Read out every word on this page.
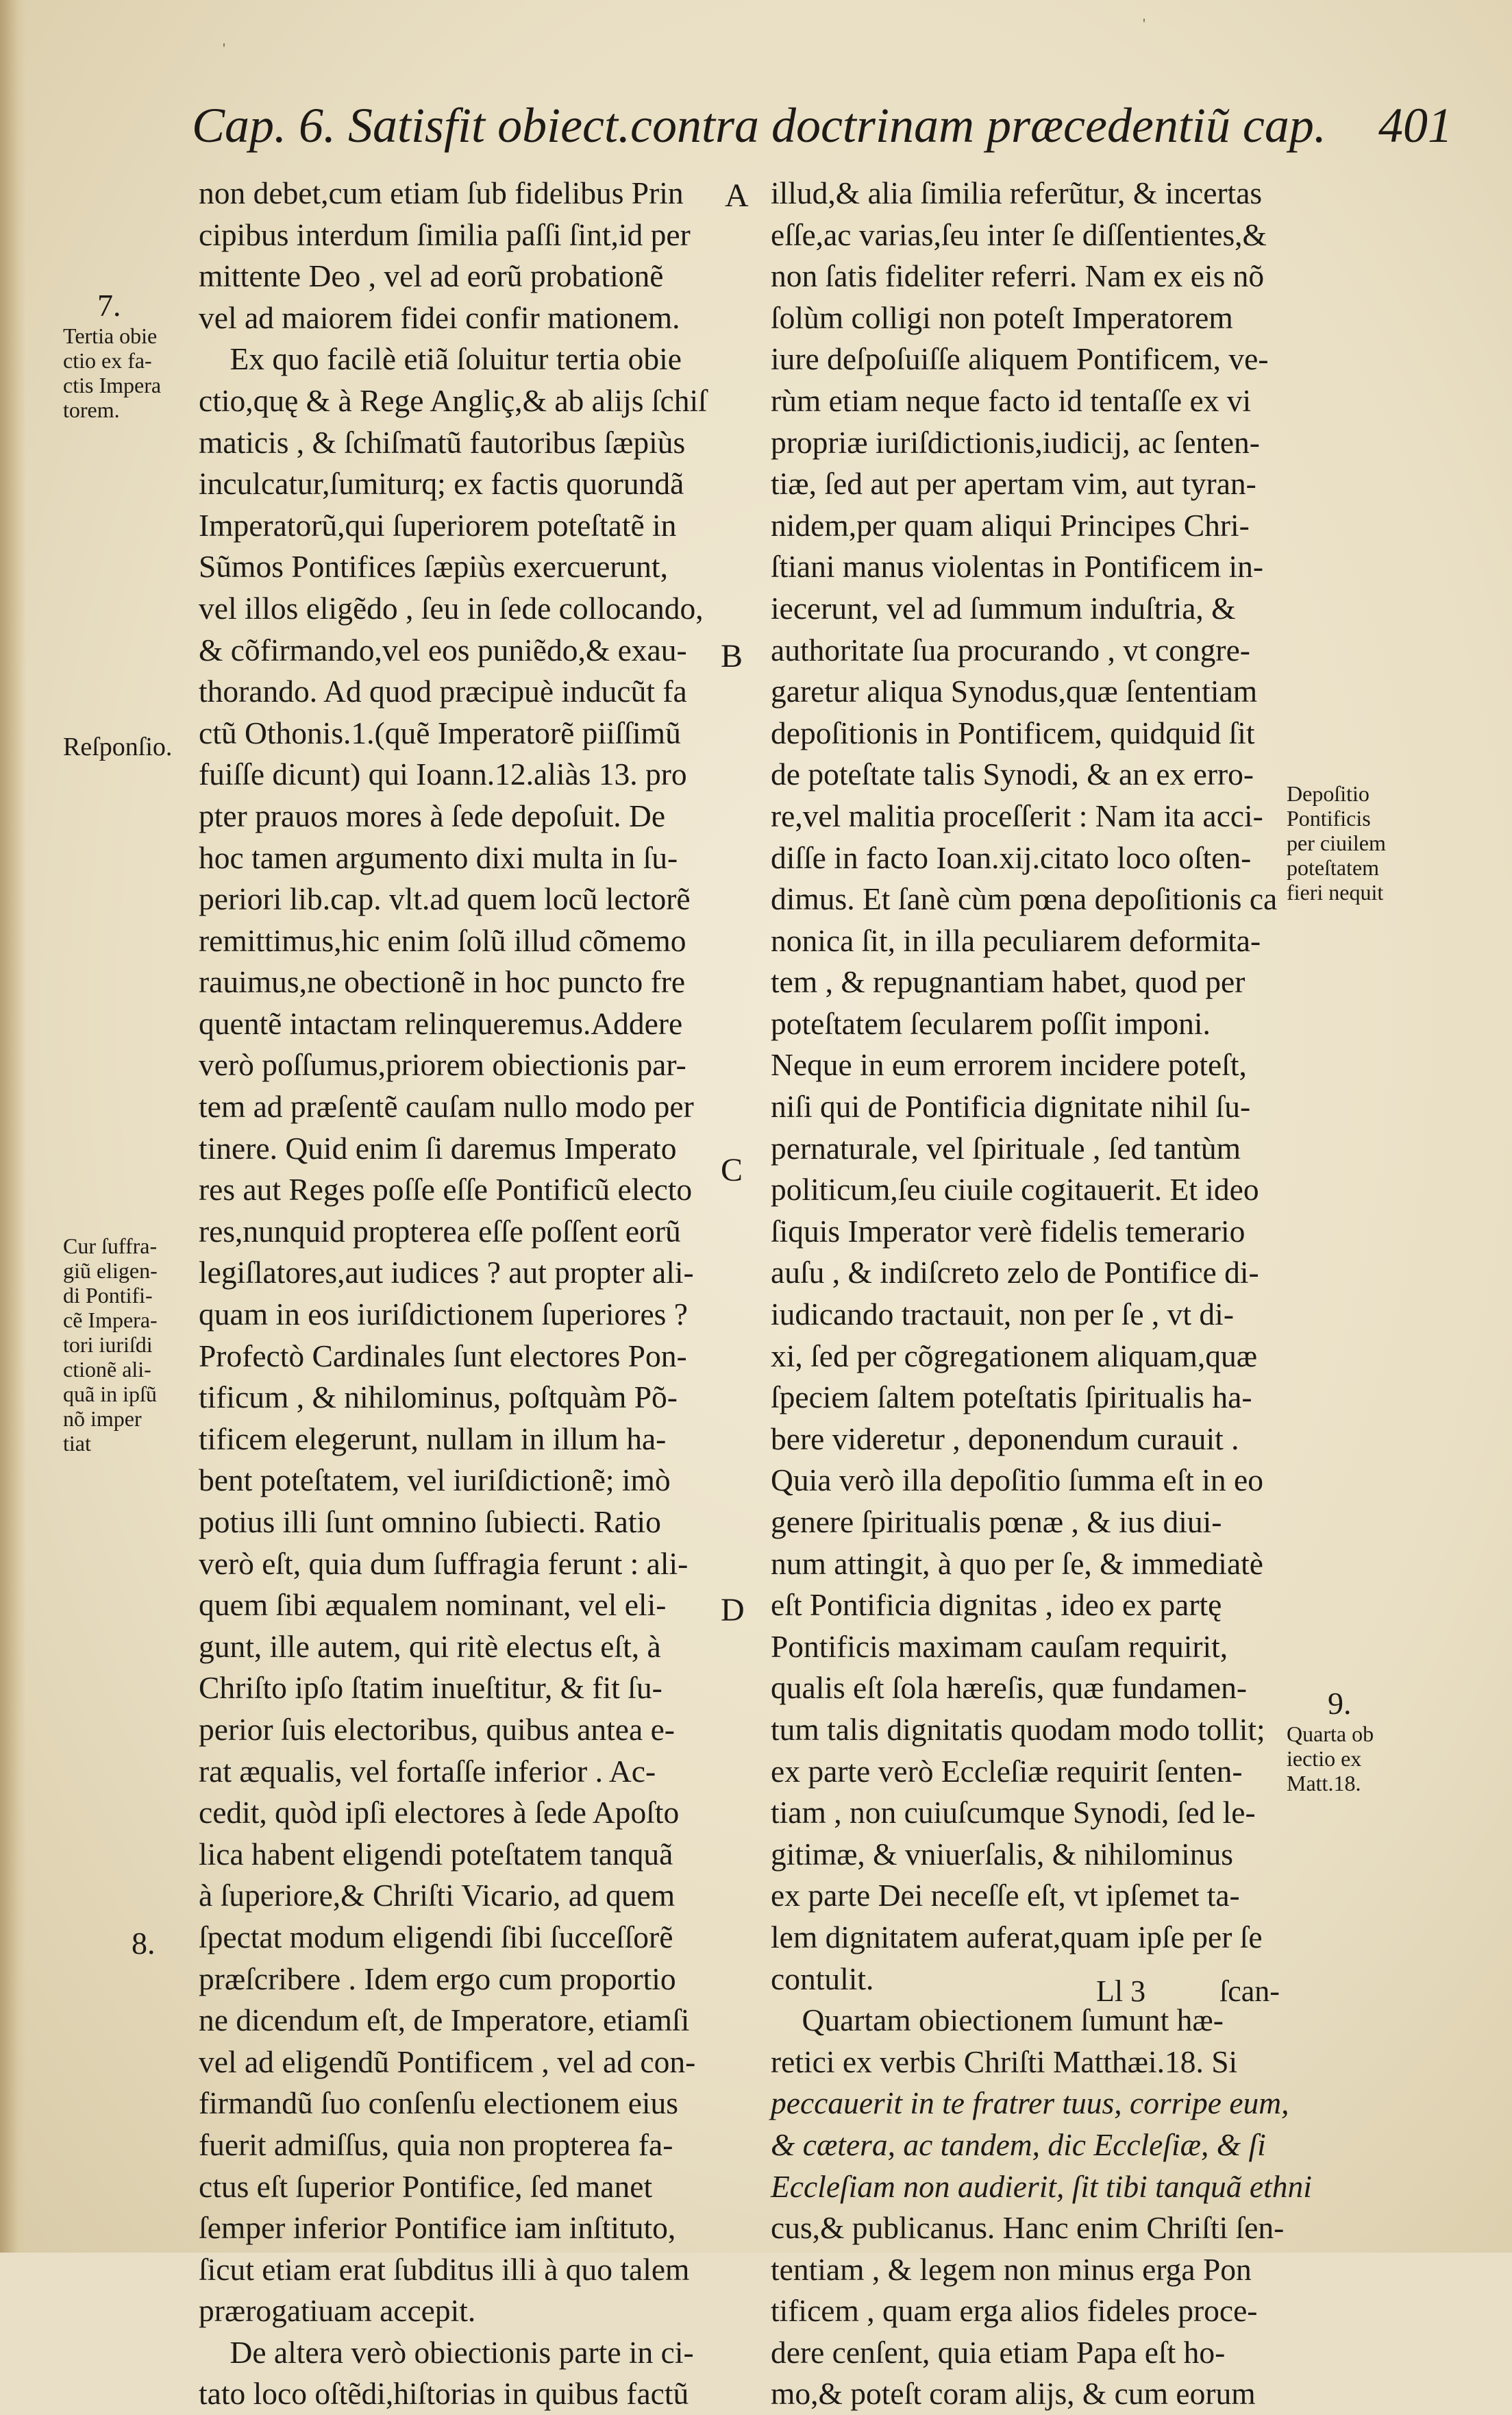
'
'
Cap. 6. Satisfit obiect.contra doctrinam præcedentiũ cap. 401
A
B
C
D
7.
Tertia obie
ctio ex fa-
ctis Impera
torem.
Reſponſio.
Cur ſuffra-
giũ eligen-
di Pontifi-
cẽ Impera-
tori iuriſdi
ctionẽ ali-
quã in ipſũ
nõ imper
tiat
8.
Depoſitio
Pontificis
per ciuilem
poteſtatem
fieri nequit
9.
Quarta ob
iectio ex
Matt.18.
non debet,cum etiam ſub fidelibus Prin
cipibus interdum ſimilia paſſi ſint,id per
mittente Deo , vel ad eorũ probationẽ
vel ad maiorem fidei confir mationem.
Ex quo facilè etiã ſoluitur tertia obie
ctio,quę & à Rege Angliç,& ab alijs ſchiſ
maticis , & ſchiſmatũ fautoribus ſæpiùs
inculcatur,ſumiturq; ex factis quorundã
Imperatorũ,qui ſuperiorem poteſtatẽ in
Sũmos Pontifices ſæpiùs exercuerunt,
vel illos eligẽdo , ſeu in ſede collocando,
& cõfirmando,vel eos puniẽdo,& exau-
thorando. Ad quod præcipuè inducũt fa
ctũ Othonis.1.(quẽ Imperatorẽ piiſſimũ
fuiſſe dicunt) qui Ioann.12.aliàs 13. pro
pter prauos mores à ſede depoſuit. De
hoc tamen argumento dixi multa in ſu-
periori lib.cap. vlt.ad quem locũ lectorẽ
remittimus,hic enim ſolũ illud cõmemo
rauimus,ne obectionẽ in hoc puncto fre
quentẽ intactam relinqueremus.Addere
verò poſſumus,priorem obiectionis par-
tem ad præſentẽ cauſam nullo modo per
tinere. Quid enim ſi daremus Imperato
res aut Reges poſſe eſſe Pontificũ electo
res,nunquid propterea eſſe poſſent eorũ
legiſlatores,aut iudices ? aut propter ali-
quam in eos iuriſdictionem ſuperiores ?
Profectò Cardinales ſunt electores Pon-
tificum , & nihilominus, poſtquàm Põ-
tificem elegerunt, nullam in illum ha-
bent poteſtatem, vel iuriſdictionẽ; imò
potius illi ſunt omnino ſubiecti. Ratio
verò eſt, quia dum ſuffragia ferunt : ali-
quem ſibi æqualem nominant, vel eli-
gunt, ille autem, qui ritè electus eſt, à
Chriſto ipſo ſtatim inueſtitur, & fit ſu-
perior ſuis electoribus, quibus antea e-
rat æqualis, vel fortaſſe inferior . Ac-
cedit, quòd ipſi electores à ſede Apoſto
lica habent eligendi poteſtatem tanquã
à ſuperiore,& Chriſti Vicario, ad quem
ſpectat modum eligendi ſibi ſucceſſorẽ
præſcribere . Idem ergo cum proportio
ne dicendum eſt, de Imperatore, etiamſi
vel ad eligendũ Pontificem , vel ad con-
firmandũ ſuo conſenſu electionem eius
fuerit admiſſus, quia non propterea fa-
ctus eſt ſuperior Pontifice, ſed manet
ſemper inferior Pontifice iam inſtituto,
ſicut etiam erat ſubditus illi à quo talem
prærogatiuam accepit.
De altera verò obiectionis parte in ci-
tato loco oſtẽdi,hiſtorias in quibus factũ
illud,& alia ſimilia referũtur, & incertas
eſſe,ac varias,ſeu inter ſe diſſentientes,&
non ſatis fideliter referri. Nam ex eis nõ
ſolùm colligi non poteſt Imperatorem
iure deſpoſuiſſe aliquem Pontificem, ve-
rùm etiam neque facto id tentaſſe ex vi
propriæ iuriſdictionis,iudicij, ac ſenten-
tiæ, ſed aut per apertam vim, aut tyran-
nidem,per quam aliqui Principes Chri-
ſtiani manus violentas in Pontificem in-
iecerunt, vel ad ſummum induſtria, &
authoritate ſua procurando , vt congre-
garetur aliqua Synodus,quæ ſententiam
depoſitionis in Pontificem, quidquid ſit
de poteſtate talis Synodi, & an ex erro-
re,vel malitia proceſſerit : Nam ita acci-
diſſe in facto Ioan.xij.citato loco oſten-
dimus. Et ſanè cùm pœna depoſitionis ca
nonica ſit, in illa peculiarem deformita-
tem , & repugnantiam habet, quod per
poteſtatem ſecularem poſſit imponi.
Neque in eum errorem incidere poteſt,
niſi qui de Pontificia dignitate nihil ſu-
pernaturale, vel ſpirituale , ſed tantùm
politicum,ſeu ciuile cogitauerit. Et ideo
ſiquis Imperator verè fidelis temerario
auſu , & indiſcreto zelo de Pontifice di-
iudicando tractauit, non per ſe , vt di-
xi, ſed per cõgregationem aliquam,quæ
ſpeciem ſaltem poteſtatis ſpiritualis ha-
bere videretur , deponendum curauit .
Quia verò illa depoſitio ſumma eſt in eo
genere ſpiritualis pœnæ , & ius diui-
num attingit, à quo per ſe, & immediatè
eſt Pontificia dignitas , ideo ex partę
Pontificis maximam cauſam requirit,
qualis eſt ſola hæreſis, quæ fundamen-
tum talis dignitatis quodam modo tollit;
ex parte verò Eccleſiæ requirit ſenten-
tiam , non cuiuſcumque Synodi, ſed le-
gitimæ, & vniuerſalis, & nihilominus
ex parte Dei neceſſe eſt, vt ipſemet ta-
lem dignitatem auferat,quam ipſe per ſe
contulit.
Quartam obiectionem ſumunt hæ-
retici ex verbis Chriſti Matthæi.18. Si
peccauerit in te fratrer tuus, corripe eum,
& cætera, ac tandem, dic Eccleſiæ, & ſi
Eccleſiam non audierit, ſit tibi tanquã ethni
cus,& publicanus. Hanc enim Chriſti ſen-
tentiam , & legem non minus erga Pon
tificem , quam erga alios fideles proce-
dere cenſent, quia etiam Papa eſt ho-
mo,& poteſt coram alijs, & cum eorum
Ll 3 ſcan-
